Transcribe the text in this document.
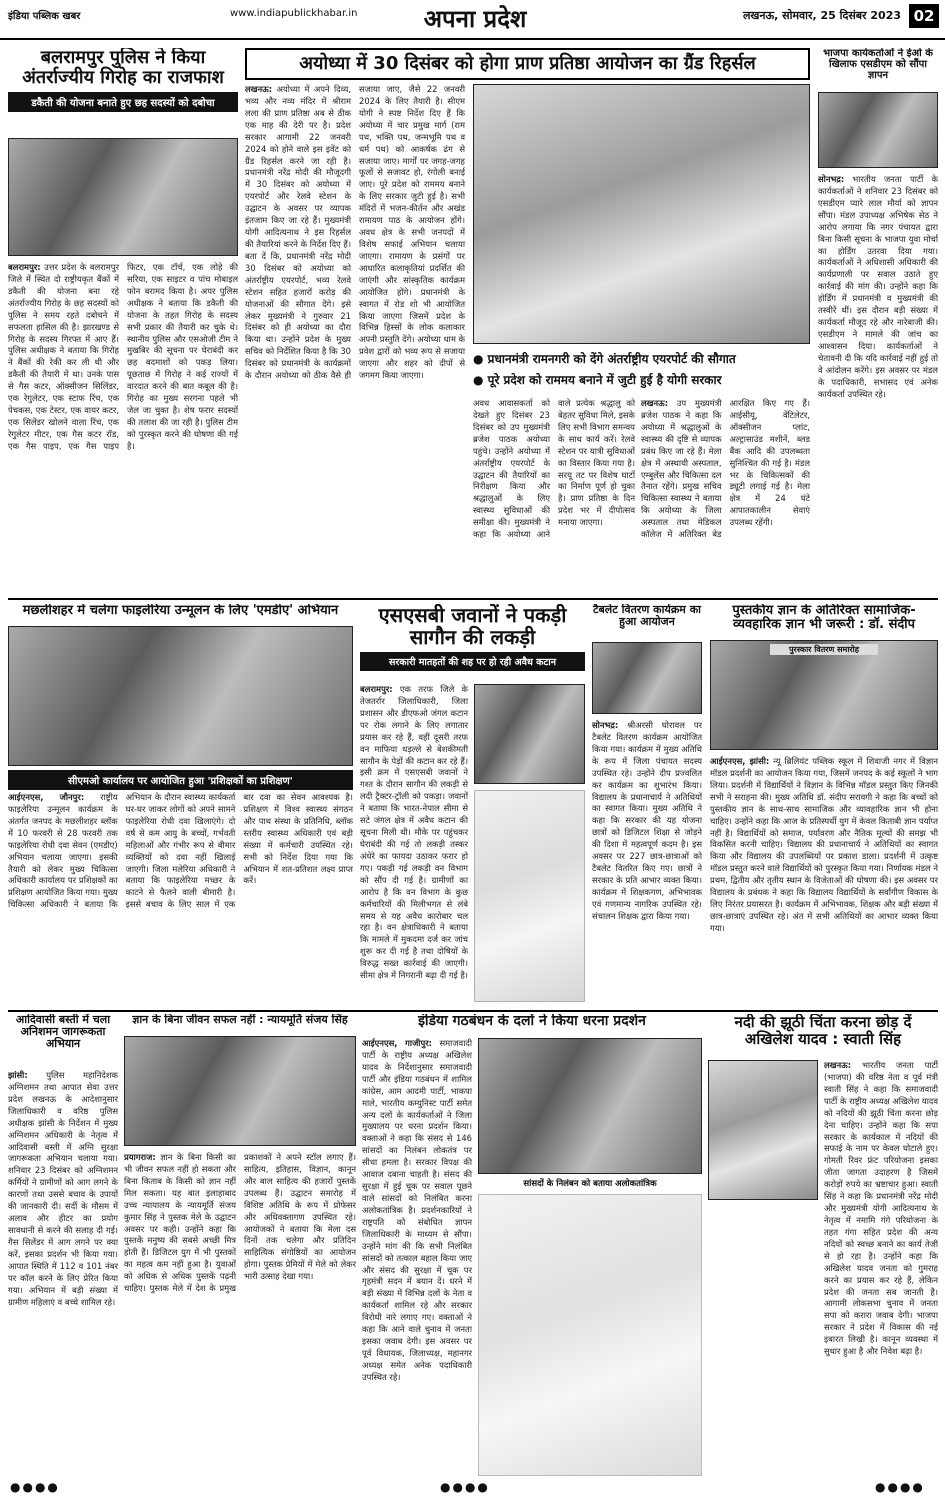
इंडिया पब्लिक खबर	www.indiapublickhabar.in	अपना प्रदेश	लखनऊ, सोमवार, 25 दिसंबर 2023 02
बलरामपुर पुलिस ने किया अंतर्राज्यीय गिरोह का राजफाश
डकैती की योजना बनाते हुए छह सदस्यों को दबोचा
बलरामपुर: उत्तर प्रदेश के बलरामपुर जिले में स्थित दो राष्ट्रीयकृत बैंकों में डकैती की योजना बना रहे अंतर्राज्यीय गिरोह के छह सदस्यों को पुलिस ने समय रहते दबोचने में सफलता हासिल की है। झारखण्ड से गिरोह के सदस्य गिरफ्त में आए हैं। पुलिस अधीक्षक ने बताया कि गिरोह ने बैंकों की रेकी कर ली थी और डकैती की तैयारी में था। उनके पास से गैस कटर, ऑक्सीजन सिलिंडर, एक रेगुलेटर, एक स्टाफ रिंच, एक पेचकस, एक टेस्टर, एक वायर कटर, एक सिलेंडर खोलने वाला रिंच, एक रेगुलेटर मीटर, एक गैस कटर रॉड, एक गैस पाइप, एक गैस पाइप फिटर, एक टॉर्च, एक लोहे की सरिया, एक साइटर व पांच मोबाइल फोन बरामद किया है। अपर पुलिस अधीक्षक ने बताया कि डकैती की योजना के तहत गिरोह के सदस्य सभी प्रकार की तैयारी कर चुके थे। स्थानीय पुलिस और एसओजी टीम ने मुखबिर की सूचना पर घेराबंदी कर छह बदमाशों को पकड़ लिया। पूछताछ में गिरोह ने कई राज्यों में वारदात करने की बात कबूल की है। गिरोह का मुख्य सरगना पहले भी जेल जा चुका है। शेष फरार सदस्यों की तलाश की जा रही है। पुलिस टीम को पुरस्कृत करने की घोषणा की गई है।
अयोध्या में 30 दिसंबर को होगा प्राण प्रतिष्ठा आयोजन का ग्रैंड रिहर्सल
लखनऊ: अयोध्या में अपने दिव्य, भव्य और नव्य मंदिर में श्रीराम लला की प्राण प्रतिष्ठा अब से ठीक एक माह की देरी पर है। प्रदेश सरकार आगामी 22 जनवरी 2024 को होने वाले इस इवेंट को ग्रैंड रिहर्सल करने जा रही है। प्रधानमंत्री नरेंद्र मोदी की मौजूदगी में 30 दिसंबर को अयोध्या में एयरपोर्ट और रेलवे स्टेशन के उद्घाटन के अवसर पर व्यापक इंतजाम किए जा रहे हैं। मुख्यमंत्री योगी आदित्यनाथ ने इस रिहर्सल की तैयारियां करने के निर्देश दिए हैं। बता दें कि, प्रधानमंत्री नरेंद्र मोदी 30 दिसंबर को अयोध्या को अंतर्राष्ट्रीय एयरपोर्ट, भव्य रेलवे स्टेशन सहित हजारों करोड़ की योजनाओं की सौगात देंगे। इसे लेकर मुख्यमंत्री ने गुरुवार 21 दिसंबर को ही अयोध्या का दौरा किया था। उन्होंने प्रदेश के मुख्य सचिव को निर्देशित किया है कि 30 दिसंबर को प्रधानमंत्री के कार्यक्रमों के दौरान अयोध्या को ठीक वैसे ही सजाया जाए, जैसे 22 जनवरी 2024 के लिए तैयारी है। सीएम योगी ने स्पष्ट निर्देश दिए हैं कि अयोध्या में चार प्रमुख मार्ग (राम पथ, भक्ति पथ, जन्मभूमि पथ व धर्म पथ) को आकर्षक ढंग से सजाया जाए। मार्गों पर जगह-जगह फूलों से सजावट हो, रंगोली बनाई जाए। पूरे प्रदेश को राममय बनाने के लिए सरकार जुटी हुई है। सभी मंदिरों में भजन-कीर्तन और अखंड रामायण पाठ के आयोजन होंगे। अवध क्षेत्र के सभी जनपदों में विशेष सफाई अभियान चलाया जाएगा। रामायण के प्रसंगों पर आधारित कलाकृतियां प्रदर्शित की जाएंगी और सांस्कृतिक कार्यक्रम आयोजित होंगे। प्रधानमंत्री के स्वागत में रोड शो भी आयोजित किया जाएगा जिसमें प्रदेश के विभिन्न हिस्सों के लोक कलाकार अपनी प्रस्तुति देंगे। अयोध्या धाम के प्रवेश द्वारों को भव्य रूप से सजाया जाएगा और शहर को दीपों से जगमग किया जाएगा।
● प्रधानमंत्री रामनगरी को देंगे अंतर्राष्ट्रीय एयरपोर्ट की सौगात
● पूरे प्रदेश को राममय बनाने में जुटी हुई है योगी सरकार
अवध आवासकर्ता को देखते हुए दिसंबर 23 दिसंबर को उप मुख्यमंत्री ब्रजेश पाठक अयोध्या पहुंचे। उन्होंने अयोध्या में अंतर्राष्ट्रीय एयरपोर्ट के उद्घाटन की तैयारियों का निरीक्षण किया और श्रद्धालुओं के लिए स्वास्थ्य सुविधाओं की समीक्षा की। मुख्यमंत्री ने कहा कि अयोध्या आने वाले प्रत्येक श्रद्धालु को बेहतर सुविधा मिले, इसके लिए सभी विभाग समन्वय के साथ कार्य करें। रेलवे स्टेशन पर यात्री सुविधाओं का विस्तार किया गया है। सरयू तट पर विशेष घाटों का निर्माण पूर्ण हो चुका है। प्राण प्रतिष्ठा के दिन प्रदेश भर में दीपोत्सव मनाया जाएगा।
लखनऊ: उप मुख्यमंत्री ब्रजेश पाठक ने कहा कि अयोध्या में श्रद्धालुओं के स्वास्थ्य की दृष्टि से व्यापक प्रबंध किए जा रहे हैं। मेला क्षेत्र में अस्थायी अस्पताल, एम्बुलेंस और चिकित्सा दल तैनात रहेंगे। प्रमुख सचिव चिकित्सा स्वास्थ्य ने बताया कि अयोध्या के जिला अस्पताल तथा मेडिकल कॉलेज में अतिरिक्त बेड आरक्षित किए गए हैं। आईसीयू, वेंटिलेटर, ऑक्सीजन प्लांट, अल्ट्रासाउंड मशीनें, ब्लड बैंक आदि की उपलब्धता सुनिश्चित की गई है। मंडल भर के चिकित्सकों की ड्यूटी लगाई गई है। मेला क्षेत्र में 24 घंटे आपातकालीन सेवाएं उपलब्ध रहेंगी।
भाजपा कार्यकर्ताओं ने ईओ के खिलाफ एसडीएम को सौंपा ज्ञापन
सोनभद्र: भारतीय जनता पार्टी के कार्यकर्ताओं ने शनिवार 23 दिसंबर को एसडीएम प्यारे लाल मौर्या को ज्ञापन सौंपा। मंडल उपाध्यक्ष अभिषेक सेठ ने आरोप लगाया कि नगर पंचायत द्वारा बिना किसी सूचना के भाजपा युवा मोर्चा का होर्डिंग उतरवा दिया गया। कार्यकर्ताओं ने अधिशासी अधिकारी की कार्यप्रणाली पर सवाल उठाते हुए कार्रवाई की मांग की। उन्होंने कहा कि होर्डिंग में प्रधानमंत्री व मुख्यमंत्री की तस्वीरें थीं। इस दौरान बड़ी संख्या में कार्यकर्ता मौजूद रहे और नारेबाजी की। एसडीएम ने मामले की जांच का आश्वासन दिया। कार्यकर्ताओं ने चेतावनी दी कि यदि कार्रवाई नहीं हुई तो वे आंदोलन करेंगे। इस अवसर पर मंडल के पदाधिकारी, सभासद एवं अनेक कार्यकर्ता उपस्थित रहे।
मछलीशहर में चलेगा फाइलेरिया उन्मूलन के लिए 'एमडीए' अभियान
सीएमओ कार्यालय पर आयोजित हुआ 'प्रशिक्षकों का प्रशिक्षण'
आईएनएस, जौनपुर: राष्ट्रीय फाइलेरिया उन्मूलन कार्यक्रम के अंतर्गत जनपद के मछलीशहर ब्लॉक में 10 फरवरी से 28 फरवरी तक फाइलेरिया रोधी दवा सेवन (एमडीए) अभियान चलाया जाएगा। इसकी तैयारी को लेकर मुख्य चिकित्सा अधिकारी कार्यालय पर प्रशिक्षकों का प्रशिक्षण आयोजित किया गया। मुख्य चिकित्सा अधिकारी ने बताया कि अभियान के दौरान स्वास्थ्य कार्यकर्ता घर-घर जाकर लोगों को अपने सामने फाइलेरिया रोधी दवा खिलाएंगे। दो वर्ष से कम आयु के बच्चों, गर्भवती महिलाओं और गंभीर रूप से बीमार व्यक्तियों को दवा नहीं खिलाई जाएगी। जिला मलेरिया अधिकारी ने बताया कि फाइलेरिया मच्छर के काटने से फैलने वाली बीमारी है। इससे बचाव के लिए साल में एक बार दवा का सेवन आवश्यक है। प्रशिक्षण में विश्व स्वास्थ्य संगठन और पाथ संस्था के प्रतिनिधि, ब्लॉक स्तरीय स्वास्थ्य अधिकारी एवं बड़ी संख्या में कर्मचारी उपस्थित रहे। सभी को निर्देश दिया गया कि अभियान में शत-प्रतिशत लक्ष्य प्राप्त करें।
एसएसबी जवानों ने पकड़ी सागौन की लकड़ी
सरकारी मातहतों की शह पर हो रही अवैध कटान
बलरामपुर: एक तरफ जिले के तेजतर्रार जिलाधिकारी, जिला प्रशासन और डीएफओ जंगल कटान पर रोक लगाने के लिए लगातार प्रयास कर रहे हैं, वहीं दूसरी तरफ वन माफिया धड़ल्ले से बेशकीमती सागौन के पेड़ों की कटान कर रहे हैं। इसी क्रम में एसएसबी जवानों ने गश्त के दौरान सागौन की लकड़ी से लदी ट्रैक्टर-ट्रॉली को पकड़ा। जवानों ने बताया कि भारत-नेपाल सीमा से सटे जंगल क्षेत्र में अवैध कटान की सूचना मिली थी। मौके पर पहुंचकर घेराबंदी की गई तो लकड़ी तस्कर अंधेरे का फायदा उठाकर फरार हो गए। पकड़ी गई लकड़ी वन विभाग को सौंप दी गई है। ग्रामीणों का आरोप है कि वन विभाग के कुछ कर्मचारियों की मिलीभगत से लंबे समय से यह अवैध कारोबार चल रहा है। वन क्षेत्राधिकारी ने बताया कि मामले में मुकदमा दर्ज कर जांच शुरू कर दी गई है तथा दोषियों के विरुद्ध सख्त कार्रवाई की जाएगी। सीमा क्षेत्र में निगरानी बढ़ा दी गई है।
टैबलेट वितरण कार्यक्रम का हुआ आयोजन
सोनभद्र: श्रीअरसी घोरावल पर टैबलेट वितरण कार्यक्रम आयोजित किया गया। कार्यक्रम में मुख्य अतिथि के रूप में जिला पंचायत सदस्य उपस्थित रहे। उन्होंने दीप प्रज्वलित कर कार्यक्रम का शुभारंभ किया। विद्यालय के प्रधानाचार्य ने अतिथियों का स्वागत किया। मुख्य अतिथि ने कहा कि सरकार की यह योजना छात्रों को डिजिटल शिक्षा से जोड़ने की दिशा में महत्वपूर्ण कदम है। इस अवसर पर 227 छात्र-छात्राओं को टैबलेट वितरित किए गए। छात्रों ने सरकार के प्रति आभार व्यक्त किया। कार्यक्रम में शिक्षकगण, अभिभावक एवं गणमान्य नागरिक उपस्थित रहे। संचालन शिक्षक द्वारा किया गया।
पुस्तकीय ज्ञान के अतिरिक्त सामाजिक-व्यवहारिक ज्ञान भी जरूरी : डॉ. संदीप
पुरस्कार वितरण समारोह
आईएनएस, झांसी: न्यू ब्रिलियंट पब्लिक स्कूल में शिवाजी नगर में विज्ञान मॉडल प्रदर्शनी का आयोजन किया गया, जिसमें जनपद के कई स्कूलों ने भाग लिया। प्रदर्शनी में विद्यार्थियों ने विज्ञान के विभिन्न मॉडल प्रस्तुत किए जिनकी सभी ने सराहना की। मुख्य अतिथि डॉ. संदीप सरावगी ने कहा कि बच्चों को पुस्तकीय ज्ञान के साथ-साथ सामाजिक और व्यावहारिक ज्ञान भी होना चाहिए। उन्होंने कहा कि आज के प्रतिस्पर्धी युग में केवल किताबी ज्ञान पर्याप्त नहीं है। विद्यार्थियों को समाज, पर्यावरण और नैतिक मूल्यों की समझ भी विकसित करनी चाहिए। विद्यालय की प्रधानाचार्य ने अतिथियों का स्वागत किया और विद्यालय की उपलब्धियों पर प्रकाश डाला। प्रदर्शनी में उत्कृष्ट मॉडल प्रस्तुत करने वाले विद्यार्थियों को पुरस्कृत किया गया। निर्णायक मंडल ने प्रथम, द्वितीय और तृतीय स्थान के विजेताओं की घोषणा की। इस अवसर पर विद्यालय के प्रबंधक ने कहा कि विद्यालय विद्यार्थियों के सर्वांगीण विकास के लिए निरंतर प्रयासरत है। कार्यक्रम में अभिभावक, शिक्षक और बड़ी संख्या में छात्र-छात्राएं उपस्थित रहे। अंत में सभी अतिथियों का आभार व्यक्त किया गया।
आदिवासी बस्ती में चला अनिशमन जागरूकता अभियान
झांसी: पुलिस महानिदेशक अग्निशमन तथा आपात सेवा उत्तर प्रदेश लखनऊ के आदेशानुसार जिलाधिकारी व वरिष्ठ पुलिस अधीक्षक झांसी के निर्देशन में मुख्य अग्निशमन अधिकारी के नेतृत्व में आदिवासी बस्ती में अग्नि सुरक्षा जागरूकता अभियान चलाया गया। शनिवार 23 दिसंबर को अग्निशमन कर्मियों ने ग्रामीणों को आग लगने के कारणों तथा उससे बचाव के उपायों की जानकारी दी। सर्दी के मौसम में अलाव और हीटर का प्रयोग सावधानी से करने की सलाह दी गई। गैस सिलेंडर में आग लगने पर क्या करें, इसका प्रदर्शन भी किया गया। आपात स्थिति में 112 व 101 नंबर पर कॉल करने के लिए प्रेरित किया गया। अभियान में बड़ी संख्या में ग्रामीण महिलाएं व बच्चे शामिल रहे।
ज्ञान के बिना जीवन सफल नहीं : न्यायमूर्ति संजय सिंह
प्रयागराज: ज्ञान के बिना किसी का भी जीवन सफल नहीं हो सकता और बिना किताब के किसी को ज्ञान नहीं मिल सकता। यह बात इलाहाबाद उच्च न्यायालय के न्यायमूर्ति संजय कुमार सिंह ने पुस्तक मेले के उद्घाटन अवसर पर कही। उन्होंने कहा कि पुस्तकें मनुष्य की सबसे अच्छी मित्र होती हैं। डिजिटल युग में भी पुस्तकों का महत्व कम नहीं हुआ है। युवाओं को अधिक से अधिक पुस्तकें पढ़नी चाहिए। पुस्तक मेले में देश के प्रमुख प्रकाशकों ने अपने स्टॉल लगाए हैं। साहित्य, इतिहास, विज्ञान, कानून और बाल साहित्य की हजारों पुस्तकें उपलब्ध हैं। उद्घाटन समारोह में विशिष्ट अतिथि के रूप में प्रोफेसर और अधिवक्तागण उपस्थित रहे। आयोजकों ने बताया कि मेला दस दिनों तक चलेगा और प्रतिदिन साहित्यिक संगोष्ठियों का आयोजन होगा। पुस्तक प्रेमियों में मेले को लेकर भारी उत्साह देखा गया।
इंडिया गठबंधन के दलों ने किया धरना प्रदर्शन
आईएनएस, गाजीपुर: समाजवादी पार्टी के राष्ट्रीय अध्यक्ष अखिलेश यादव के निर्देशानुसार समाजवादी पार्टी और इंडिया गठबंधन में शामिल कांग्रेस, आम आदमी पार्टी, भाकपा माले, भारतीय कम्युनिस्ट पार्टी समेत अन्य दलों के कार्यकर्ताओं ने जिला मुख्यालय पर धरना प्रदर्शन किया। वक्ताओं ने कहा कि संसद से 146 सांसदों का निलंबन लोकतंत्र पर सीधा हमला है। सरकार विपक्ष की आवाज दबाना चाहती है। संसद की सुरक्षा में हुई चूक पर सवाल पूछने वाले सांसदों को निलंबित करना अलोकतांत्रिक है। प्रदर्शनकारियों ने राष्ट्रपति को संबोधित ज्ञापन जिलाधिकारी के माध्यम से सौंपा। उन्होंने मांग की कि सभी निलंबित सांसदों को तत्काल बहाल किया जाए और संसद की सुरक्षा में चूक पर गृहमंत्री सदन में बयान दें। धरने में बड़ी संख्या में विभिन्न दलों के नेता व कार्यकर्ता शामिल रहे और सरकार विरोधी नारे लगाए गए। वक्ताओं ने कहा कि आने वाले चुनाव में जनता इसका जवाब देगी। इस अवसर पर पूर्व विधायक, जिलाध्यक्ष, महानगर अध्यक्ष समेत अनेक पदाधिकारी उपस्थित रहे।
सांसदों के निलंबन को बताया अलोकतांत्रिक
नदी की झूठी चिंता करना छोड़ दें अखिलेश यादव : स्वाती सिंह
लखनऊ: भारतीय जनता पार्टी (भाजपा) की वरिष्ठ नेता व पूर्व मंत्री स्वाती सिंह ने कहा कि समाजवादी पार्टी के राष्ट्रीय अध्यक्ष अखिलेश यादव को नदियों की झूठी चिंता करना छोड़ देना चाहिए। उन्होंने कहा कि सपा सरकार के कार्यकाल में नदियों की सफाई के नाम पर केवल घोटाले हुए। गोमती रिवर फ्रंट परियोजना इसका जीता जागता उदाहरण है जिसमें करोड़ों रुपये का भ्रष्टाचार हुआ। स्वाती सिंह ने कहा कि प्रधानमंत्री नरेंद्र मोदी और मुख्यमंत्री योगी आदित्यनाथ के नेतृत्व में नमामि गंगे परियोजना के तहत गंगा सहित प्रदेश की अन्य नदियों को स्वच्छ बनाने का कार्य तेजी से हो रहा है। उन्होंने कहा कि अखिलेश यादव जनता को गुमराह करने का प्रयास कर रहे हैं, लेकिन प्रदेश की जनता सब जानती है। आगामी लोकसभा चुनाव में जनता सपा को करारा जवाब देगी। भाजपा सरकार ने प्रदेश में विकास की नई इबारत लिखी है। कानून व्यवस्था में सुधार हुआ है और निवेश बढ़ा है।
●●●●	●●●●	●●●●
